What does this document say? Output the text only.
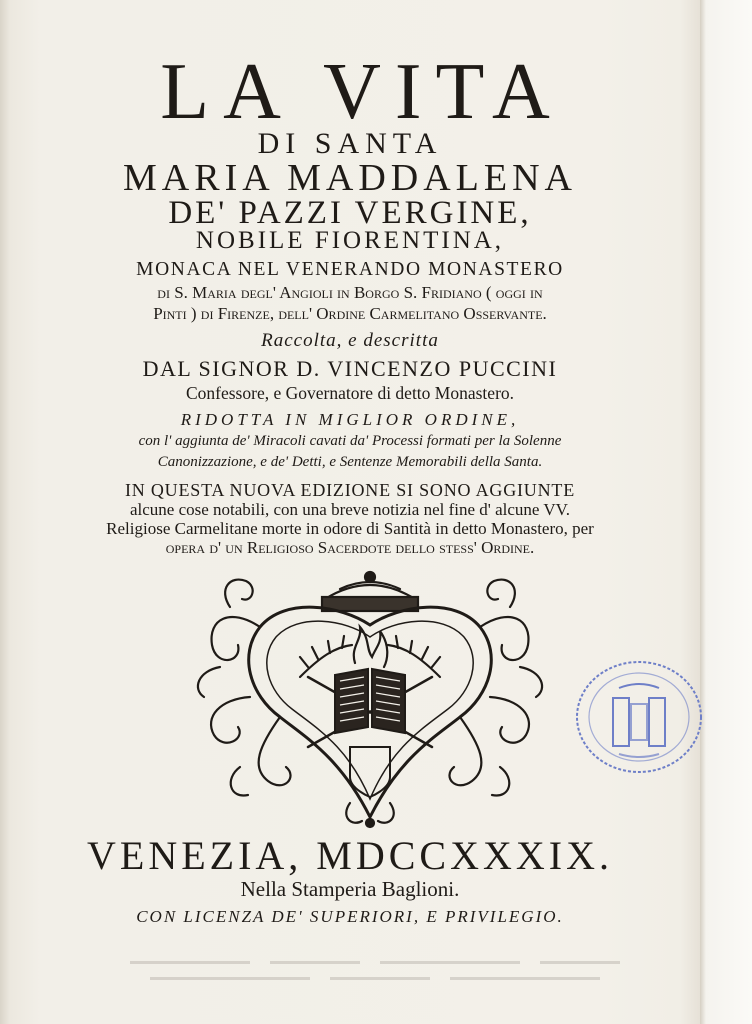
LA VITA
DI SANTA
MARIA MADDALENA
DE' PAZZI VERGINE,
NOBILE FIORENTINA,
MONACA NEL VENERANDO MONASTERO
di S. Maria degl' Angioli in Borgo S. Fridiano ( oggi in
Pinti ) di Firenze, dell' Ordine Carmelitano Osservante.
Raccolta, e descritta
DAL SIGNOR D. VINCENZO PUCCINI
Confessore, e Governatore di detto Monastero.
RIDOTTA IN MIGLIOR ORDINE,
con l' aggiunta de' Miracoli cavati da' Processi formati per la Solenne
Canonizzazione, e de' Detti, e Sentenze Memorabili della Santa.
IN QUESTA NUOVA EDIZIONE SI SONO AGGIUNTE
alcune cose notabili, con una breve notizia nel fine d' alcune VV.
Religiose Carmelitane morte in odore di Santità in detto Monastero, per
opera d' un Religioso Sacerdote dello stess' Ordine.
VENEZIA, MDCCXXXIX.
Nella Stamperia Baglioni.
CON LICENZA DE' SUPERIORI, E PRIVILEGIO.
